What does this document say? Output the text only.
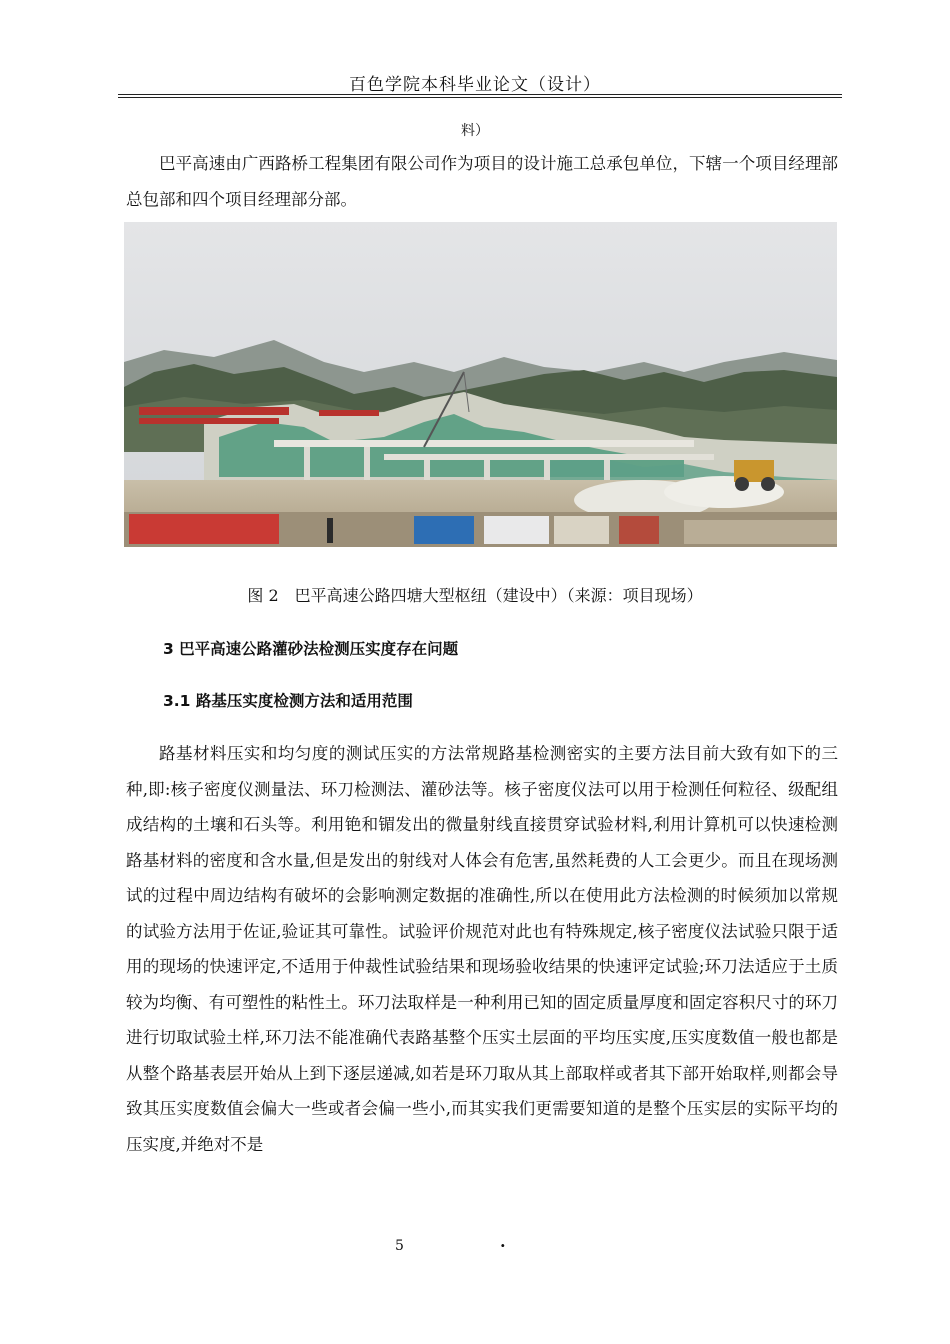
百色学院本科毕业论文（设计）
料）

巴平高速由广西路桥工程集团有限公司作为项目的设计施工总承包单位，下辖一个项目经理部总包部和四个项目经理部分部。

图 2　巴平高速公路四塘大型枢纽（建设中）（来源：项目现场）
3 巴平高速公路灌砂法检测压实度存在问题
3.1 路基压实度检测方法和适用范围

路基材料压实和均匀度的测试压实的方法常规路基检测密实的主要方法目前大致有如下的三种,即:核子密度仪测量法、环刀检测法、灌砂法等。核子密度仪法可以用于检测任何粒径、级配组成结构的土壤和石头等。利用铯和镅发出的微量射线直接贯穿试验材料,利用计算机可以快速检测路基材料的密度和含水量,但是发出的射线对人体会有危害,虽然耗费的人工会更少。而且在现场测试的过程中周边结构有破坏的会影响测定数据的准确性,所以在使用此方法检测的时候须加以常规的试验方法用于佐证,验证其可靠性。试验评价规范对此也有特殊规定,核子密度仪法试验只限于适用的现场的快速评定,不适用于仲裁性试验结果和现场验收结果的快速评定试验;环刀法适应于土质较为均衡、有可塑性的粘性土。环刀法取样是一种利用已知的固定质量厚度和固定容积尺寸的环刀进行切取试验土样,环刀法不能准确代表路基整个压实土层面的平均压实度,压实度数值一般也都是从整个路基表层开始从上到下逐层递减,如若是环刀取从其上部取样或者其下部开始取样,则都会导致其压实度数值会偏大一些或者会偏一些小,而其实我们更需要知道的是整个压实层的实际平均的压实度,并绝对不是

5	.
